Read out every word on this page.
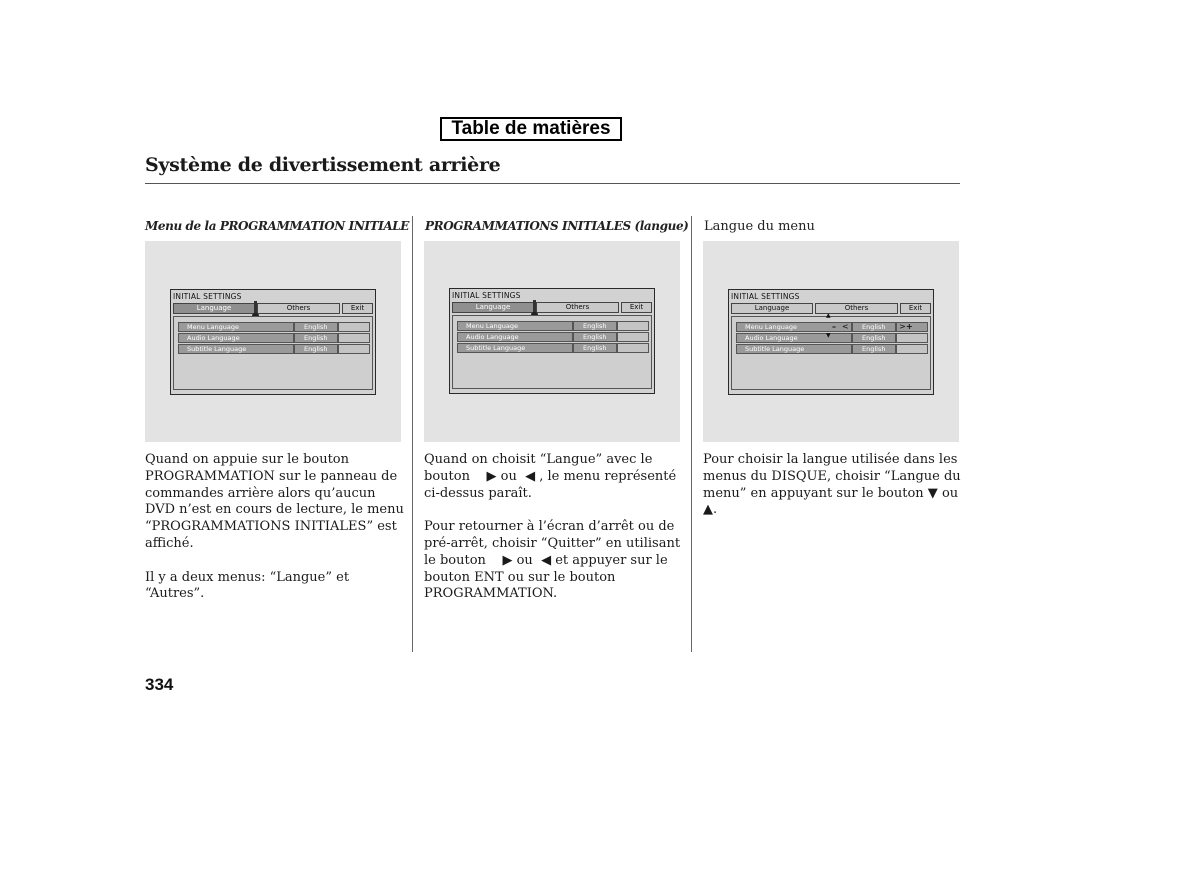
Table de matières
Système de divertissement arrière
Menu de la PROGRAMMATION INITIALE PROGRAMMATIONS INITIALES (langue) Langue du menu
INITIAL SETTINGS
Language	Others	Exit
Menu Language	English
Audio Language	English
Subtitle Language	English
INITIAL SETTINGS
Language	Others	Exit
Menu Language	English
Audio Language	English
Subtitle Language	English
INITIAL SETTINGS
Language	Others	Exit
Menu Language	English
Audio Language	English
Subtitle Language	English
▲
▼
– <	> +

Quand on appuie sur le bouton PROGRAMMATION sur le panneau de commandes arrière alors qu’aucun DVD n’est en cours de lecture, le menu “PROGRAMMATIONS INITIALES” est affiché.

Il y a deux menus: “Langue” et “Autres”.

Quand on choisit “Langue” avec le bouton ▶ ou ◀ , le menu représenté ci-dessus paraît.

Pour retourner à l’écran d’arrêt ou de pré-arrêt, choisir “Quitter” en utilisant le bouton ▶ ou ◀ et appuyer sur le bouton ENT ou sur le bouton PROGRAMMATION.

Pour choisir la langue utilisée dans les menus du DISQUE, choisir “Langue du menu” en appuyant sur le bouton ▼ ou ▲.

334
